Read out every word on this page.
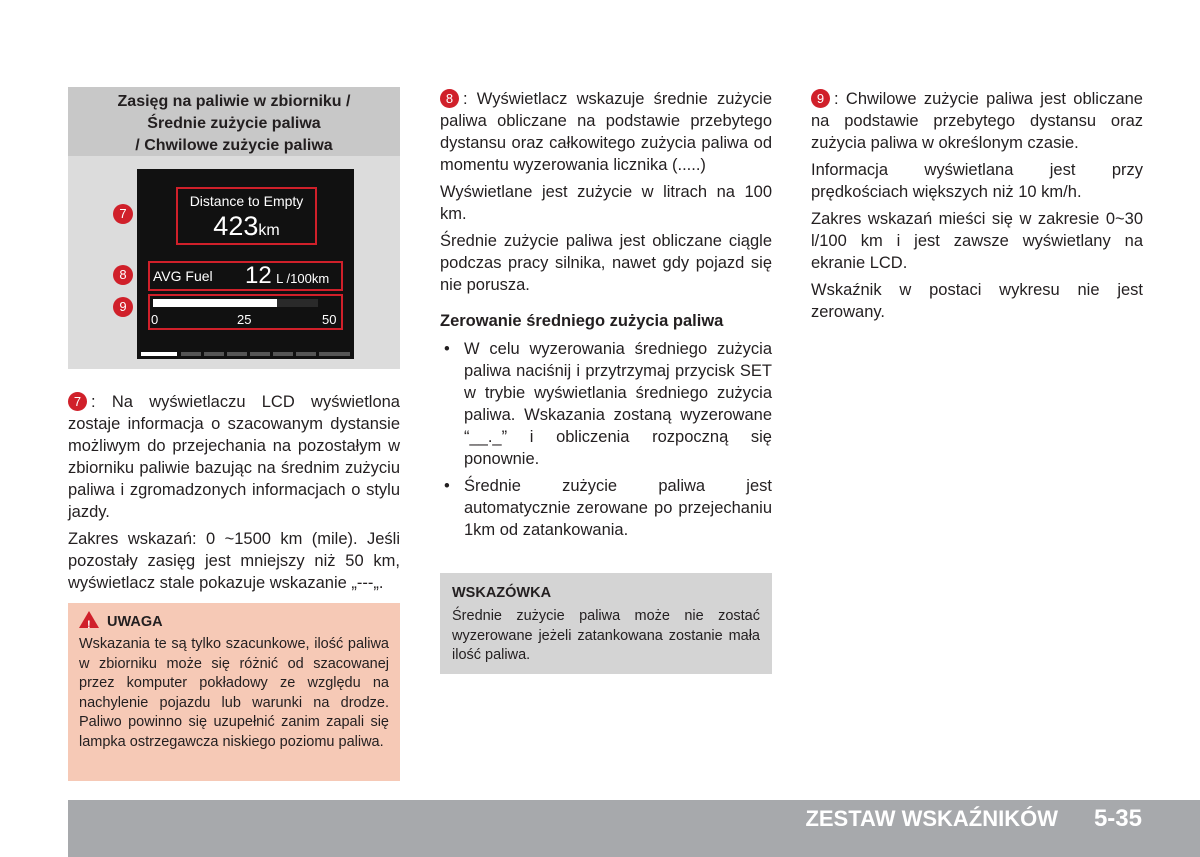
Zasięg na paliwie w zbiorniku /
Średnie zużycie paliwa
/ Chwilowe zużycie paliwa
Distance to Empty
423km
AVG Fuel 12 L /100km
0	25	50
7
8
9

7 : Na wyświetlaczu LCD wyświetlona zostaje informacja o szacowanym dystansie możliwym do przejechania na pozostałym w zbiorniku paliwie bazując na średnim zużyciu paliwa i zgromadzonych informacjach o stylu jazdy.

Zakres wskazań: 0 ~1500 km (mile). Jeśli pozostały zasięg jest mniejszy niż 50 km, wyświetlacz stale pokazuje wskazanie „---„.

! UWAGA
Wskazania te są tylko szacunkowe, ilość paliwa w zbiorniku może się różnić od szacowanej przez komputer pokładowy ze względu na nachylenie pojazdu lub warunki na drodze. Paliwo powinno się uzupełnić zanim zapali się lampka ostrzegawcza niskiego poziomu paliwa.

8 : Wyświetlacz wskazuje średnie zużycie paliwa obliczane na podstawie przebytego dystansu oraz całkowitego zużycia paliwa od momentu wyzerowania licznika (.....)

Wyświetlane jest zużycie w litrach na 100 km.

Średnie zużycie paliwa jest obliczane ciągle podczas pracy silnika, nawet gdy pojazd się nie porusza.

Zerowanie średniego zużycia paliwa
• W celu wyzerowania średniego zużycia paliwa naciśnij i przytrzymaj przycisk SET w trybie wyświetlania średniego zużycia paliwa. Wskazania zostaną wyzerowane “__._” i obliczenia rozpoczną się ponownie.
• Średnie zużycie paliwa jest automatycznie zerowane po przejechaniu 1km od zatankowania.
WSKAZÓWKA
Średnie zużycie paliwa może nie zostać wyzerowane jeżeli zatankowana zostanie mała ilość paliwa.

9 : Chwilowe zużycie paliwa jest obliczane na podstawie przebytego dystansu oraz zużycia paliwa w określonym czasie.

Informacja wyświetlana jest przy prędkościach większych niż 10 km/h.

Zakres wskazań mieści się w zakresie 0~30 l/100 km i jest zawsze wyświetlany na ekranie LCD.

Wskaźnik w postaci wykresu nie jest zerowany.

ZESTAW WSKAŹNIKÓW 5-35
